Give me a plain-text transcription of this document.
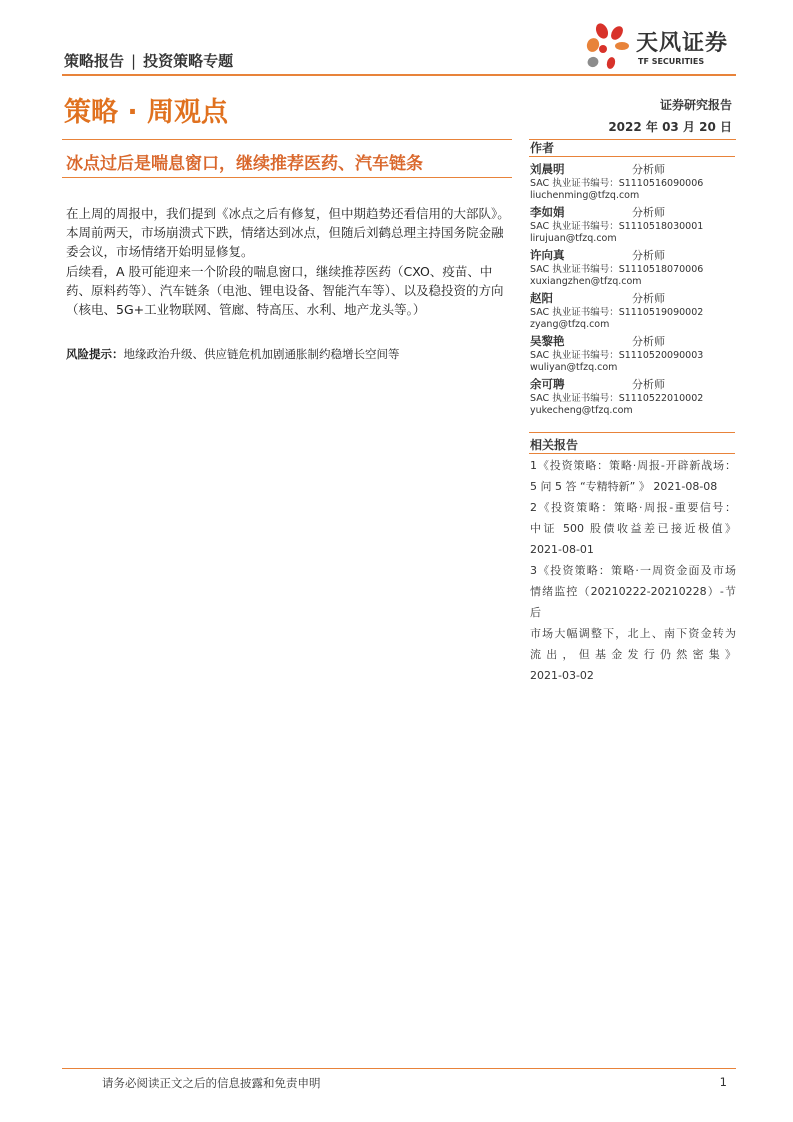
策略报告 | 投资策略专题
天风证券
TF SECURITIES
策略 · 周观点	证券研究报告
2022 年 03 月 20 日
冰点过后是喘息窗口，继续推荐医药、汽车链条

在上周的周报中，我们提到《冰点之后有修复，但中期趋势还看信用的大部队》。本周前两天，市场崩溃式下跌，情绪达到冰点，但随后刘鹤总理主持国务院金融委会议，市场情绪开始明显修复。

后续看，A 股可能迎来一个阶段的喘息窗口，继续推荐医药（CXO、疫苗、中药、原料药等）、汽车链条（电池、锂电设备、智能汽车等）、以及稳投资的方向（核电、5G+工业物联网、管廊、特高压、水利、地产龙头等。）

风险提示：地缘政治升级、供应链危机加剧通胀制约稳增长空间等
作者
刘晨明	分析师
SAC 执业证书编号：S1110516090006
liuchenming@tfzq.com
李如娟	分析师
SAC 执业证书编号：S1110518030001
lirujuan@tfzq.com
许向真	分析师
SAC 执业证书编号：S1110518070006
xuxiangzhen@tfzq.com
赵阳	分析师
SAC 执业证书编号：S1110519090002
zyang@tfzq.com
吴黎艳	分析师
SAC 执业证书编号：S1110520090003
wuliyan@tfzq.com
余可聘	分析师
SAC 执业证书编号：S1110522010002
yukecheng@tfzq.com
相关报告

1《投资策略：策略·周报-开辟新战场：

5 问 5 答 “专精特新” 》 2021-08-08

2《投资策略：策略·周报-重要信号：

中证 500 股债收益差已接近极值》

2021-08-01

3《投资策略：策略·一周资金面及市场

情绪监控（20210222-20210228）-节后

市场大幅调整下，北上、南下资金转为

流出，但基金发行仍然密集》

2021-03-02

请务必阅读正文之后的信息披露和免责申明	1
